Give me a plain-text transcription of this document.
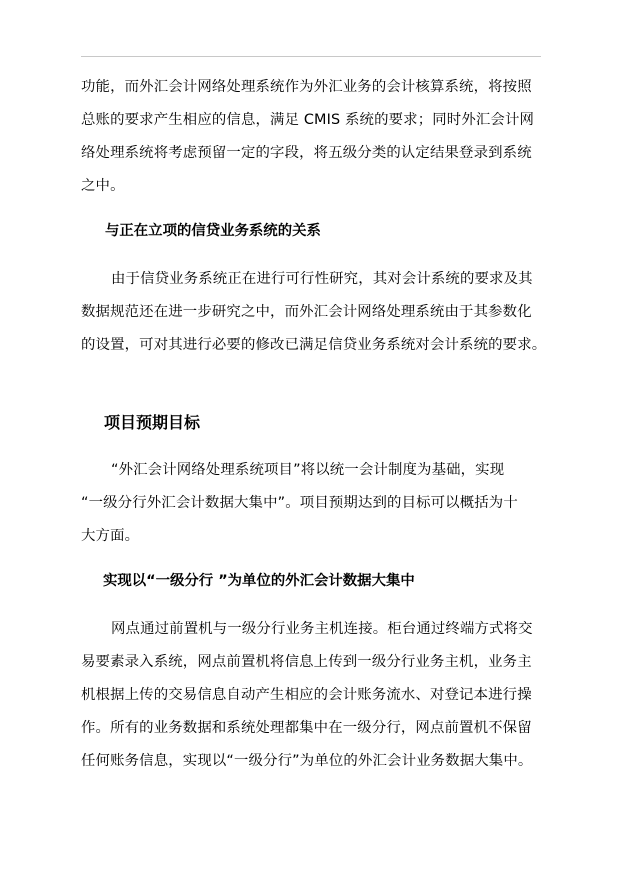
功能，而外汇会计网络处理系统作为外汇业务的会计核算系统，将按照
总账的要求产生相应的信息，满足 CMIS 系统的要求；同时外汇会计网
络处理系统将考虑预留一定的字段，将五级分类的认定结果登录到系统
之中。
与正在立项的信贷业务系统的关系
由于信贷业务系统正在进行可行性研究，其对会计系统的要求及其
数据规范还在进一步研究之中，而外汇会计网络处理系统由于其参数化
的设置，可对其进行必要的修改已满足信贷业务系统对会计系统的要求。
项目预期目标
“外汇会计网络处理系统项目”将以统一会计制度为基础，实现
“一级分行外汇会计数据大集中”。项目预期达到的目标可以概括为十
大方面。
实现以“一级分行 ”为单位的外汇会计数据大集中
网点通过前置机与一级分行业务主机连接。柜台通过终端方式将交
易要素录入系统，网点前置机将信息上传到一级分行业务主机，业务主
机根据上传的交易信息自动产生相应的会计账务流水、对登记本进行操
作。所有的业务数据和系统处理都集中在一级分行，网点前置机不保留
任何账务信息，实现以“一级分行”为单位的外汇会计业务数据大集中。
